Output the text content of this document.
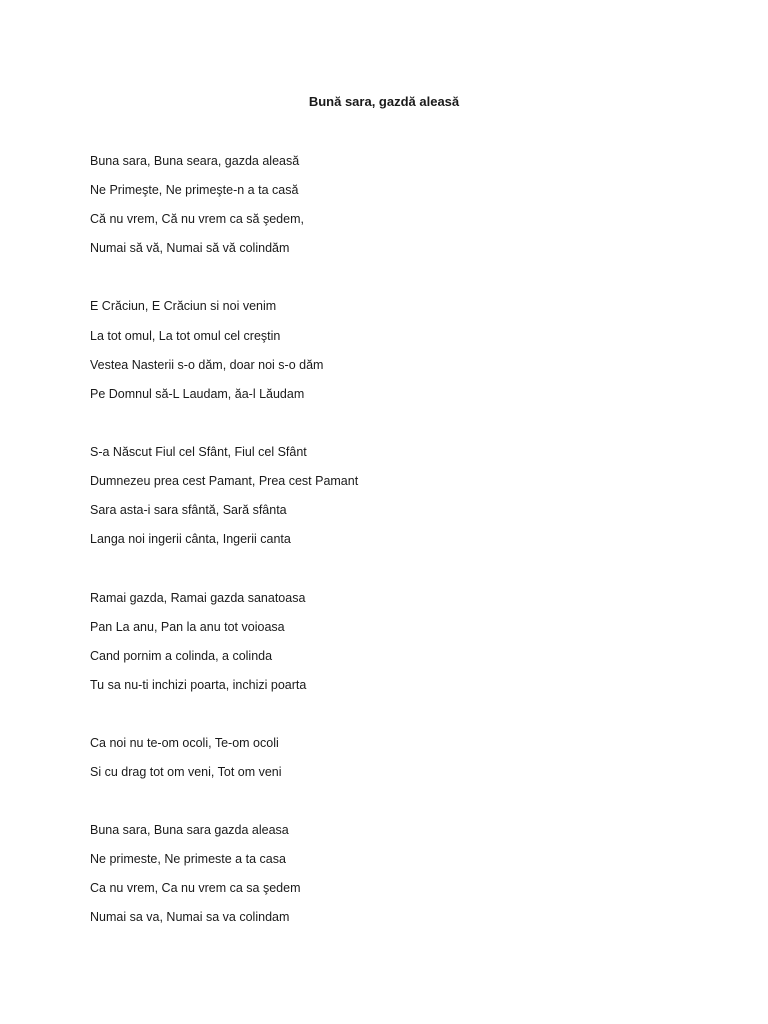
Bună sara, gazdă aleasă
Buna sara, Buna seara, gazda aleasă
Ne Primeşte, Ne primeşte-n a ta casă
Că nu vrem, Că nu vrem ca să şedem,
Numai să vă, Numai să vă colindăm
E Crăciun, E Crăciun si noi venim
La tot omul, La tot omul cel creştin
Vestea Nasterii s-o dăm, doar noi s-o dăm
Pe Domnul să-L Laudam, ăa-l Lăudam
S-a Născut Fiul cel Sfânt, Fiul cel Sfânt
Dumnezeu prea cest Pamant, Prea cest Pamant
Sara asta-i sara sfântă, Sară sfânta
Langa noi ingerii cânta, Ingerii canta
Ramai gazda, Ramai gazda sanatoasa
Pan La anu, Pan la anu tot voioasa
Cand pornim a colinda, a colinda
Tu sa nu-ti inchizi poarta, inchizi poarta
Ca noi nu te-om ocoli, Te-om ocoli
Si cu drag tot om veni, Tot om veni
Buna sara, Buna sara gazda aleasa
Ne primeste, Ne primeste a ta casa
Ca nu vrem, Ca nu vrem ca sa şedem
Numai sa va, Numai sa va colindam
